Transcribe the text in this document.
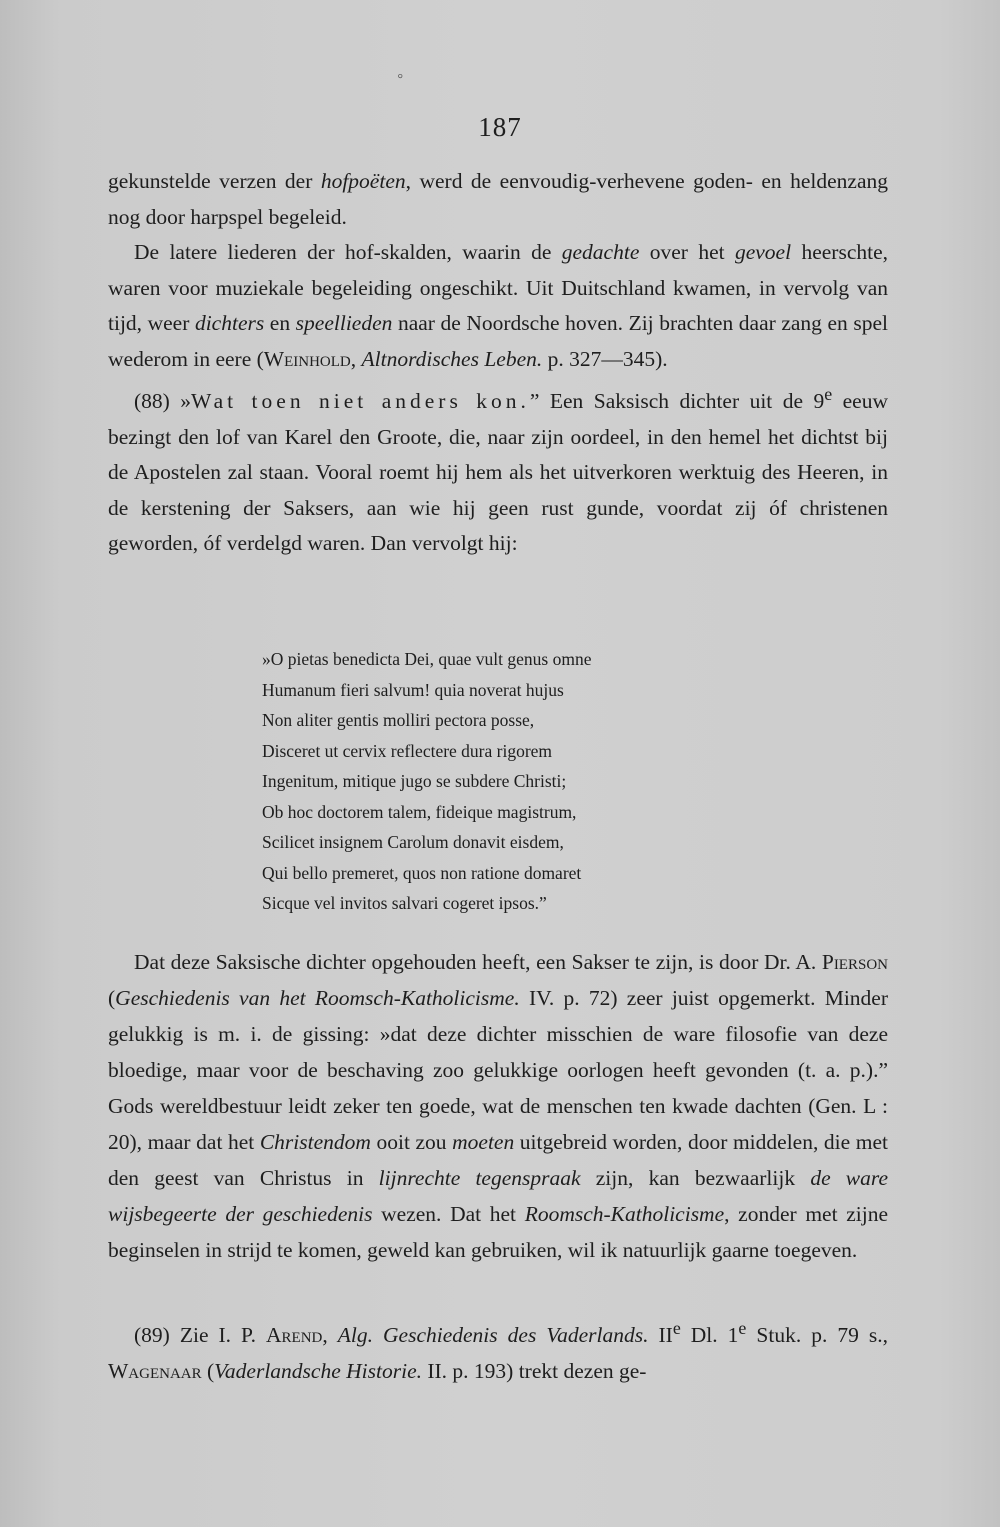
°
187

gekunstelde verzen der hofpoëten, werd de eenvoudig-verhevene goden- en heldenzang nog door harpspel begeleid.

De latere liederen der hof-skalden, waarin de gedachte over het gevoel heerschte, waren voor muziekale begeleiding ongeschikt. Uit Duitschland kwamen, in vervolg van tijd, weer dichters en speellieden naar de Noordsche hoven. Zij brachten daar zang en spel wederom in eere (Weinhold, Altnordisches Leben. p. 327—345).

(88) »Wat toen niet anders kon.” Een Saksisch dichter uit de 9e eeuw bezingt den lof van Karel den Groote, die, naar zijn oordeel, in den hemel het dichtst bij de Apostelen zal staan. Vooral roemt hij hem als het uitverkoren werktuig des Heeren, in de kerstening der Saksers, aan wie hij geen rust gunde, voordat zij óf christenen geworden, óf verdelgd waren. Dan vervolgt hij:

»O pietas benedicta Dei, quae vult genus omne
Humanum fieri salvum! quia noverat hujus
Non aliter gentis molliri pectora posse,
Disceret ut cervix reflectere dura rigorem
Ingenitum, mitique jugo se subdere Christi;
Ob hoc doctorem talem, fideique magistrum,
Scilicet insignem Carolum donavit eisdem,
Qui bello premeret, quos non ratione domaret
Sicque vel invitos salvari cogeret ipsos.”

Dat deze Saksische dichter opgehouden heeft, een Sakser te zijn, is door Dr. A. Pierson (Geschiedenis van het Roomsch-Katholicisme. IV. p. 72) zeer juist opgemerkt. Minder gelukkig is m. i. de gissing: »dat deze dichter misschien de ware filosofie van deze bloedige, maar voor de beschaving zoo gelukkige oorlogen heeft gevonden (t. a. p.).” Gods wereldbestuur leidt zeker ten goede, wat de menschen ten kwade dachten (Gen. L : 20), maar dat het Christendom ooit zou moeten uitgebreid worden, door middelen, die met den geest van Christus in lijnrechte tegenspraak zijn, kan bezwaarlijk de ware wijsbegeerte der geschiedenis wezen. Dat het Roomsch-Katholicisme, zonder met zijne beginselen in strijd te komen, geweld kan gebruiken, wil ik natuurlijk gaarne toegeven.

(89) Zie I. P. Arend, Alg. Geschiedenis des Vaderlands. IIe Dl. 1e Stuk. p. 79 s., Wagenaar (Vaderlandsche Historie. II. p. 193) trekt dezen ge-
